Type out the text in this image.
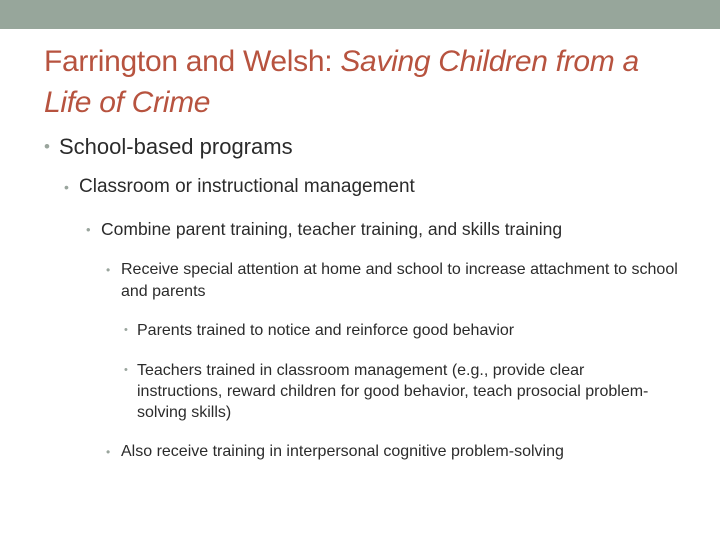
Farrington and Welsh: Saving Children from a Life of Crime
• School-based programs
• Classroom or instructional management
• Combine parent training, teacher training, and skills training
• Receive special attention at home and school to increase attachment to school and parents
• Parents trained to notice and reinforce good behavior
• Teachers trained in classroom management (e.g., provide clear instructions, reward children for good behavior, teach prosocial problem-solving skills)
• Also receive training in interpersonal cognitive problem-solving
